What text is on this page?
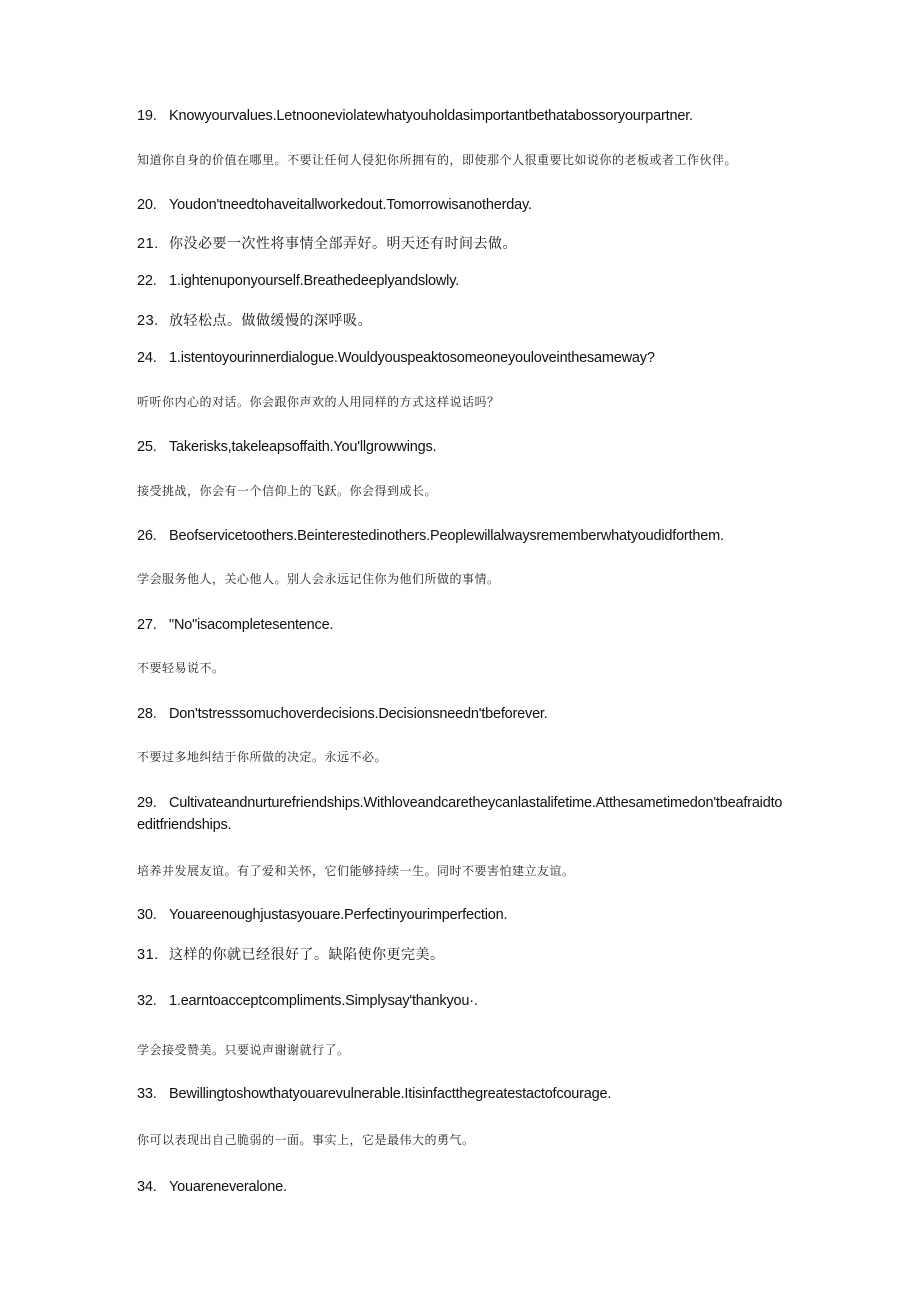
19. Knowyourvalues.Letnooneviolatewhatyouholdasimportantbethatabossoryourpartner.
知道你自身的价值在哪里。不要让任何人侵犯你所拥有的，即使那个人很重要比如说你的老板或者工作伙伴。
20. Youdon'tneedtohaveitallworkedout.Tomorrowisanotherday.
21. 你没必要一次性将事情全部弄好。明天还有时间去做。
22. 1.ightenuponyourself.Breathedeeplyandslowly.
23. 放轻松点。做做缓慢的深呼吸。
24. 1.istentoyourinnerdialogue.Wouldyouspeaktosomeoneyouloveinthesameway?
听听你内心的对话。你会跟你声欢的人用同样的方式这样说话吗？
25. Takerisks,takeleapsoffaith.You'llgrowwings.
接受挑战，你会有一个信仰上的飞跃。你会得到成长。
26. Beofservicetoothers.Beinterestedinothers.Peoplewillalwaysrememberwhatyoudidforthem.
学会服务他人，关心他人。别人会永远记住你为他们所做的事情。
27. "No"isacompletesentence.
不要轻易说不。
28. Don'tstresssomuchoverdecisions.Decisionsneedn'tbeforever.
不要过多地纠结于你所做的决定。永远不必。
29. Cultivateandnurturefriendships.Withloveandcaretheycanlastalifetime.Atthesametimedon'tbeafraidtoeditfriendships.
培养并发展友谊。有了爱和关怀，它们能够持续一生。同时不要害怕建立友谊。
30. Youareenoughjustasyouare.Perfectinyourimperfection.
31. 这样的你就已经很好了。缺陷使你更完美。
32. 1.earntoacceptcompliments.Simplysay'thankyou·.
学会接受赞美。只要说声谢谢就行了。
33. Bewillingtoshowthatyouarevulnerable.Itisinfactthegreatestactofcourage.
你可以表现出自己脆弱的一面。事实上，它是最伟大的勇气。
34. Youareneveralone.
